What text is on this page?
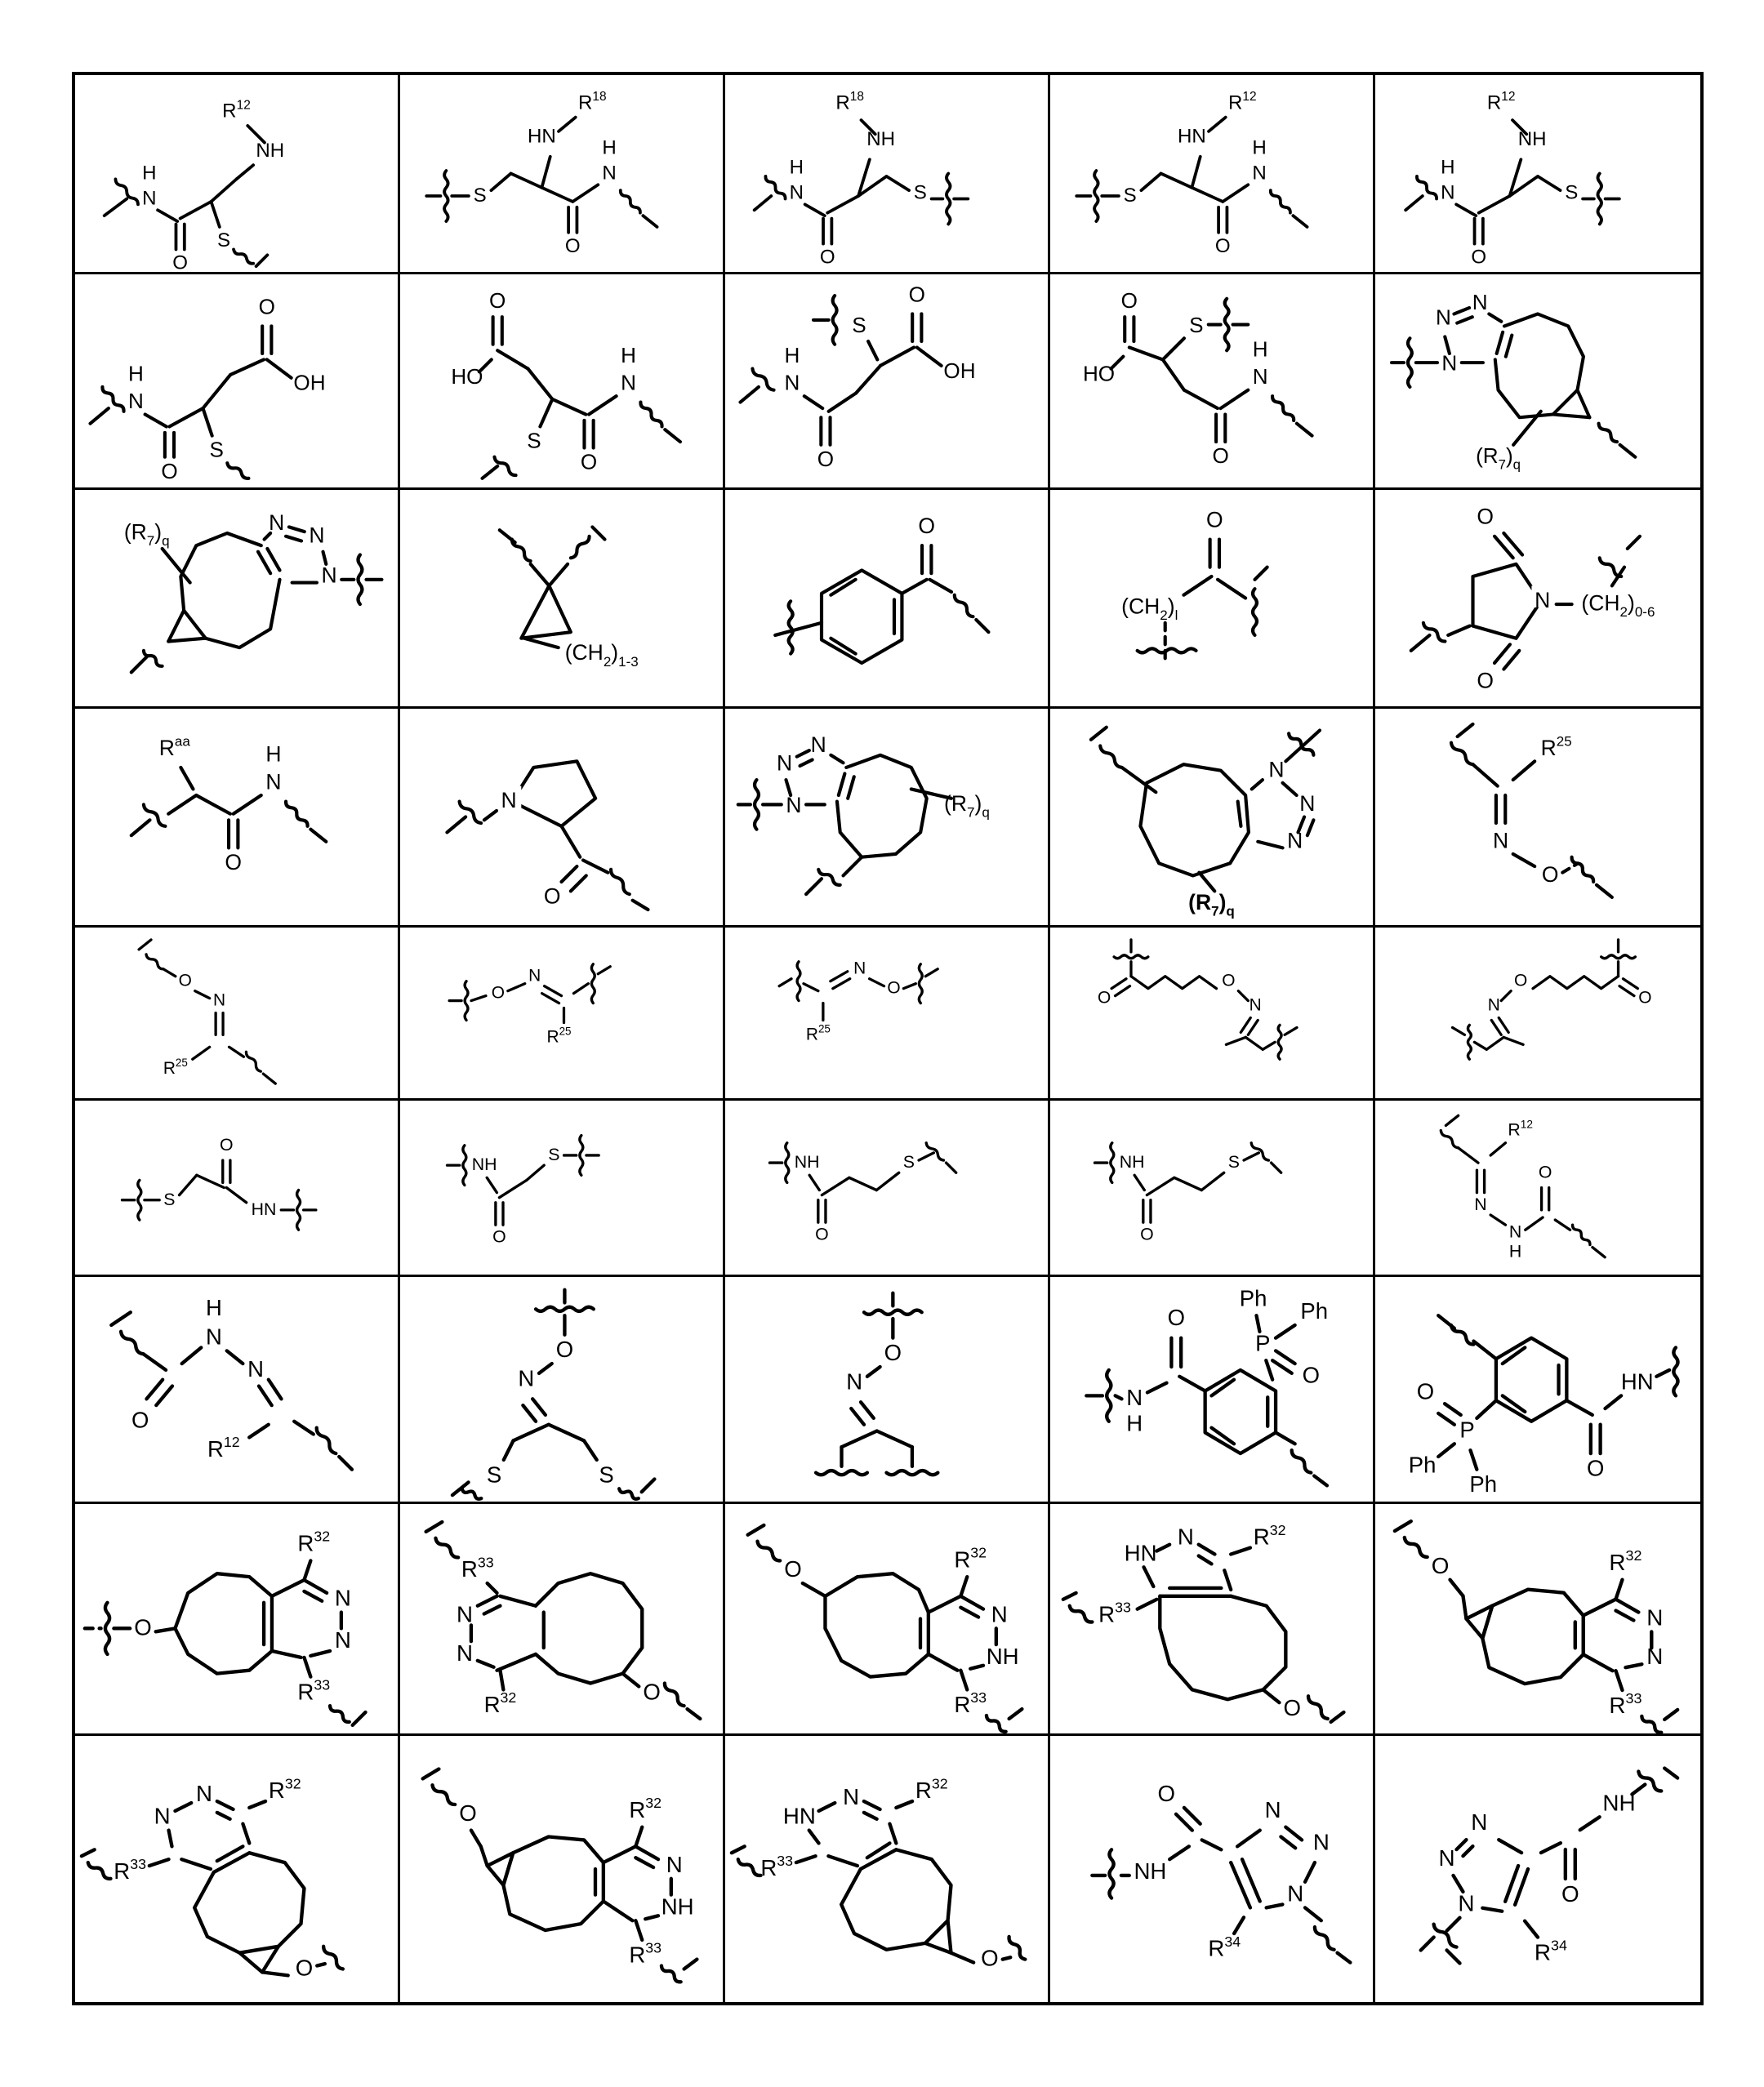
N
H
O
S
NH
$R^{12}$
S
HN
$R^{18}$
O
N
H
N
H
O
NH
$R^{18}$
S	S
HN
$R^{12}$
O
N
H
N
H
O
NH
$R^{12}$
S
N
H
O
S
O
OH
O
HO
S
O
N
H
S
O
OH
O
N
H
O
HO
S
O
N
H
N
N
N
$(R_7)_q$
$(R_7)_q$
N
N
N
$(CH_2)_{1-3}$
O
$(CH_2)_l$
O	O
O
N	$(CH_2)_{0-6}$
$R^{aa}$
O
N
H
N
O
N
N
N
$(R_7)_q$
N
N
N
$(R_7)_q$
$R^{25}$
N
O
O
N
$R^{25}$
O
N
$R^{25}$	$R^{25}$
N
O
O
O
N	O
O
N
S
O
HN
NH
O
S	NH
O
S	NH
O
S
$R^{12}$
N
N
H
O
O
N
H
N
$R^{12}$
O
N
S	S
O
N
O
N
H
P
Ph
Ph
O
O
HN
P
O
Ph
Ph
O
N
N
$R^{32}$
$R^{33}$
$R^{33}$
N
N
$R^{32}$	O
O
N
NH
$R^{32}$
$R^{33}$
HN
N	$R^{32}$
$R^{33}$
O
O
N
N
$R^{32}$
$R^{33}$
N
N	$R^{32}$
$R^{33}$
O
O
N
NH
$R^{32}$
$R^{33}$
HN
N	$R^{32}$
$R^{33}$
O
N
N
N
O
NH
$R^{34}$
N
N
N	O
NH
$R^{34}$
